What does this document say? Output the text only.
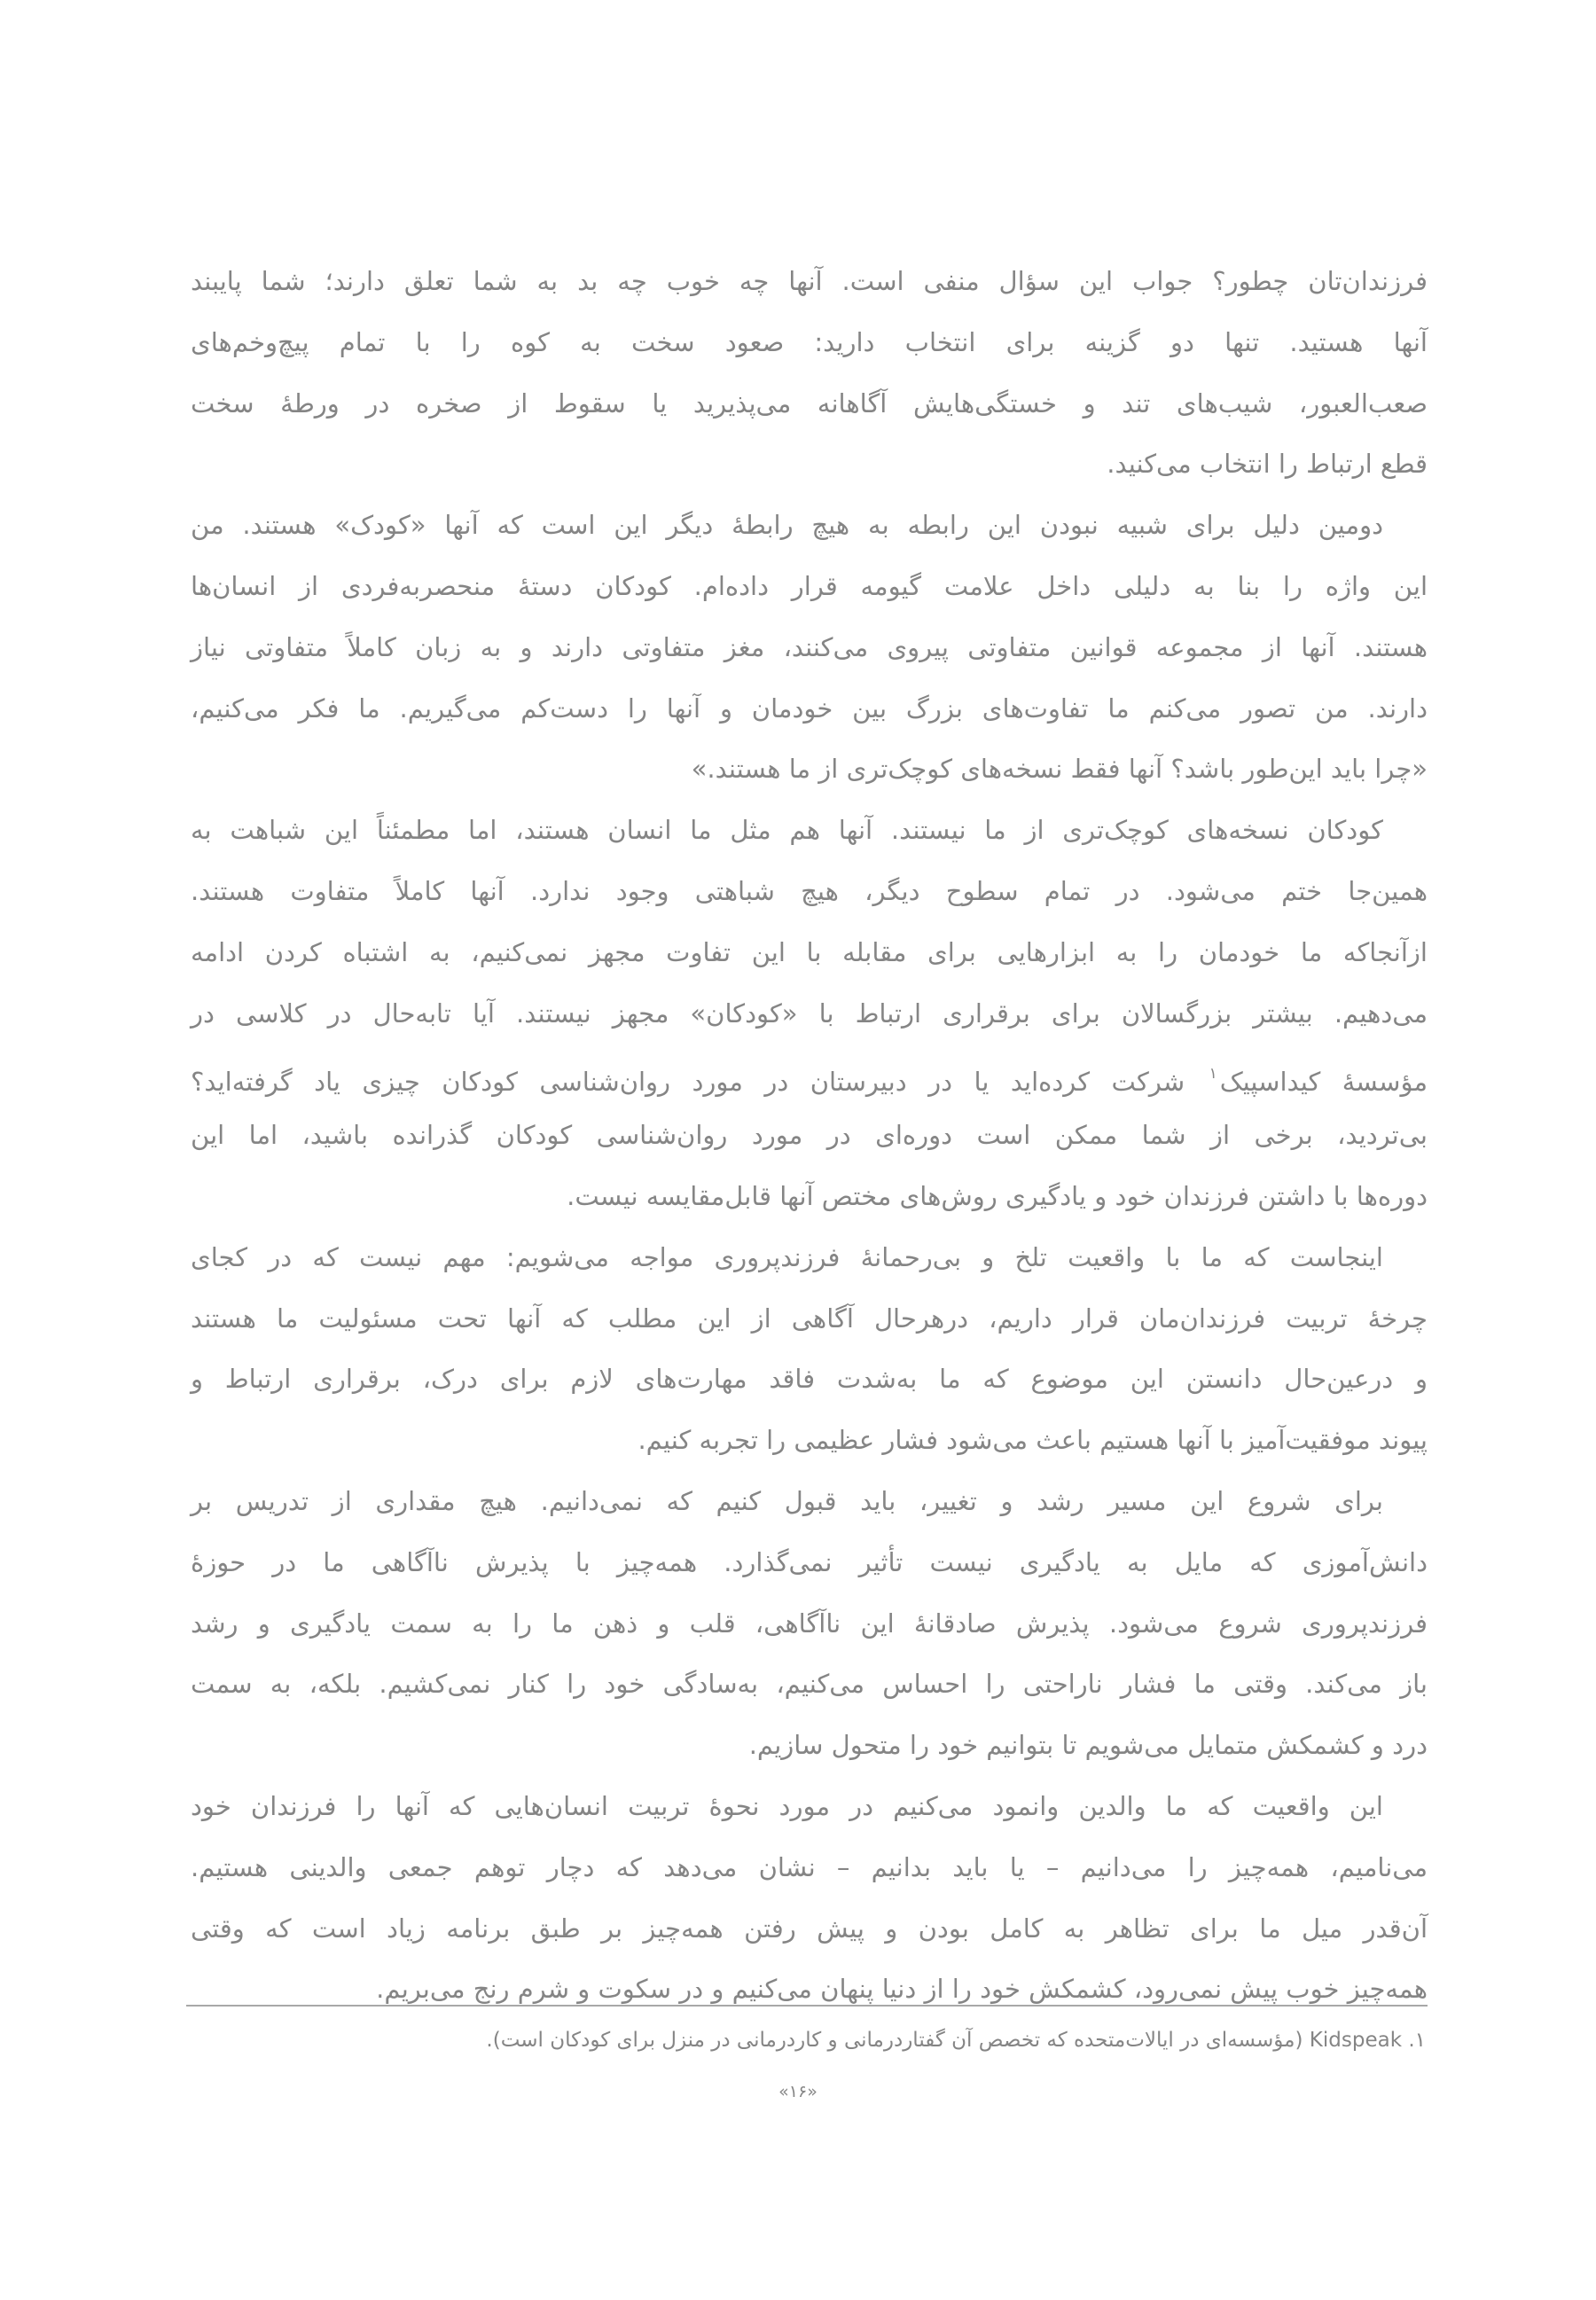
فرزندان‌تان چطور؟ جواب این سؤال منفی است. آنها چه خوب چه بد به شما تعلق دارند؛ شما پایبند
آنها هستید. تنها دو گزینه برای انتخاب دارید: صعود سخت به کوه را با تمام پیچ‌وخم‌های
صعب‌العبور، شیب‌های تند و خستگی‌هایش آگاهانه می‌پذیرید یا سقوط از صخره در ورطهٔ سخت
قطع ارتباط را انتخاب می‌کنید.
دومین دلیل برای شبیه نبودن این رابطه به هیچ رابطهٔ دیگر این است که آنها «کودک» هستند. من
این واژه را بنا به دلیلی داخل علامت گیومه قرار داده‌ام. کودکان دستهٔ منحصربه‌فردی از انسان‌ها
هستند. آنها از مجموعه قوانین متفاوتی پیروی می‌کنند، مغز متفاوتی دارند و به زبان کاملاً متفاوتی نیاز
دارند. من تصور می‌کنم ما تفاوت‌های بزرگ بین خودمان و آنها را دست‌کم می‌گیریم. ما فکر می‌کنیم،
«چرا باید این‌طور باشد؟ آنها فقط نسخه‌های کوچک‌تری از ما هستند.»
کودکان نسخه‌های کوچک‌تری از ما نیستند. آنها هم مثل ما انسان هستند، اما مطمئناً این شباهت به
همین‌جا ختم می‌شود. در تمام سطوح دیگر، هیچ شباهتی وجود ندارد. آنها کاملاً متفاوت هستند.
ازآنجاکه ما خودمان را به ابزارهایی برای مقابله با این تفاوت مجهز نمی‌کنیم، به اشتباه کردن ادامه
می‌دهیم. بیشتر بزرگسالان برای برقراری ارتباط با «کودکان» مجهز نیستند. آیا تابه‌حال در کلاسی در
مؤسسهٔ کیداسپیک$^۱$ شرکت کرده‌اید یا در دبیرستان در مورد روان‌شناسی کودکان چیزی یاد گرفته‌اید؟
بی‌تردید، برخی از شما ممکن است دوره‌ای در مورد روان‌شناسی کودکان گذرانده باشید، اما این
دوره‌ها با داشتن فرزندان خود و یادگیری روش‌های مختص آنها قابل‌مقایسه نیست.
اینجاست که ما با واقعیت تلخ و بی‌رحمانهٔ فرزندپروری مواجه می‌شویم: مهم نیست که در کجای
چرخهٔ تربیت فرزندان‌مان قرار داریم، درهرحال آگاهی از این مطلب که آنها تحت مسئولیت ما هستند
و درعین‌حال دانستن این موضوع که ما به‌شدت فاقد مهارت‌های لازم برای درک، برقراری ارتباط و
پیوند موفقیت‌آمیز با آنها هستیم باعث می‌شود فشار عظیمی را تجربه کنیم.
برای شروع این مسیر رشد و تغییر، باید قبول کنیم که نمی‌دانیم. هیچ مقداری از تدریس بر
دانش‌آموزی که مایل به یادگیری نیست تأثیر نمی‌گذارد. همه‌چیز با پذیرش ناآگاهی ما در حوزهٔ
فرزندپروری شروع می‌شود. پذیرش صادقانهٔ این ناآگاهی، قلب و ذهن ما را به سمت یادگیری و رشد
باز می‌کند. وقتی ما فشار ناراحتی را احساس می‌کنیم، به‌سادگی خود را کنار نمی‌کشیم. بلکه، به سمت
درد و کشمکش متمایل می‌شویم تا بتوانیم خود را متحول سازیم.
این واقعیت که ما والدین وانمود می‌کنیم در مورد نحوهٔ تربیت انسان‌هایی که آنها را فرزندان خود
می‌نامیم، همه‌چیز را می‌دانیم – یا باید بدانیم – نشان می‌دهد که دچار توهم جمعی والدینی هستیم.
آن‌قدر میل ما برای تظاهر به کامل بودن و پیش رفتن همه‌چیز بر طبق برنامه زیاد است که وقتی
همه‌چیز خوب پیش نمی‌رود، کشمکش خود را از دنیا پنهان می‌کنیم و در سکوت و شرم رنج می‌بریم.
۱. Kidspeak (مؤسسه‌ای در ایالات‌متحده که تخصص آن گفتاردرمانی و کاردرمانی در منزل برای کودکان است).
«۱۶»
